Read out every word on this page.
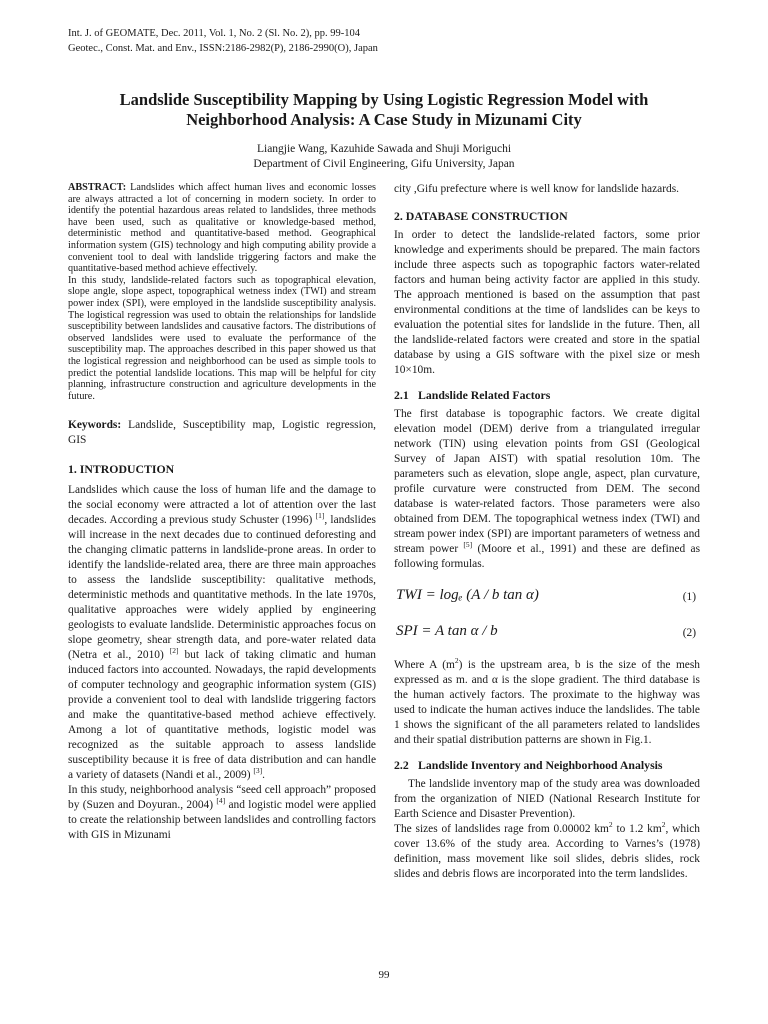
Int. J. of GEOMATE, Dec. 2011, Vol. 1, No. 2 (Sl. No. 2), pp. 99-104
Geotec., Const. Mat. and Env., ISSN:2186-2982(P), 2186-2990(O), Japan
Landslide Susceptibility Mapping by Using Logistic Regression Model with
Neighborhood Analysis: A Case Study in Mizunami City
Liangjie Wang, Kazuhide Sawada and Shuji Moriguchi
Department of Civil Engineering, Gifu University, Japan

ABSTRACT: Landslides which affect human lives and economic losses are always attracted a lot of concerning in modern society. In order to identify the potential hazardous areas related to landslides, three methods have been used, such as qualitative or knowledge-based method, deterministic method and quantitative-based method. Geographical information system (GIS) technology and high computing ability provide a convenient tool to deal with landslide triggering factors and make the quantitative-based method achieve effectively.

In this study, landslide-related factors such as topographical elevation, slope angle, slope aspect, topographical wetness index (TWI) and stream power index (SPI), were employed in the landslide susceptibility analysis. The logistical regression was used to obtain the relationships for landslide susceptibility between landslides and causative factors. The distributions of observed landslides were used to evaluate the performance of the susceptibility map. The approaches described in this paper showed us that the logistical regression and neighborhood can be used as simple tools to predict the potential landslide locations. This map will be helpful for city planning, infrastructure construction and agriculture developments in the future.

Keywords: Landslide, Susceptibility map, Logistic regression, GIS

1. INTRODUCTION

Landslides which cause the loss of human life and the damage to the social economy were attracted a lot of attention over the last decades. According a previous study Schuster (1996) [1], landslides will increase in the next decades due to continued deforesting and the changing climatic patterns in landslide-prone areas. In order to identify the landslide-related area, there are three main approaches to assess the landslide susceptibility: qualitative methods, deterministic methods and quantitative methods. In the late 1970s, qualitative approaches were widely applied by engineering geologists to evaluate landslide. Deterministic approaches focus on slope geometry, shear strength data, and pore-water related data (Netra et al., 2010) [2] but lack of taking climatic and human induced factors into accounted. Nowadays, the rapid developments of computer technology and geographic information system (GIS) provide a convenient tool to deal with landslide triggering factors and make the quantitative-based method achieve effectively. Among a lot of quantitative methods, logistic model was recognized as the suitable approach to assess landslide susceptibility because it is free of data distribution and can handle a variety of datasets (Nandi et al., 2009) [3].

In this study, neighborhood analysis “seed cell approach” proposed by (Suzen and Doyuran., 2004) [4] and logistic model were applied to create the relationship between landslides and controlling factors with GIS in Mizunami

city ,Gifu prefecture where is well know for landslide hazards.

2. DATABASE CONSTRUCTION

In order to detect the landslide-related factors, some prior knowledge and experiments should be prepared. The main factors include three aspects such as topographic factors water-related factors and human being activity factor are applied in this study. The approach mentioned is based on the assumption that past environmental conditions at the time of landslides can be keys to evaluation the potential sites for landslide in the future. Then, all the landslide-related factors were created and store in the spatial database by using a GIS software with the pixel size or mesh 10×10m.

2.1 Landslide Related Factors

The first database is topographic factors. We create digital elevation model (DEM) derive from a triangulated irregular network (TIN) using elevation points from GSI (Geological Survey of Japan AIST) with spatial resolution 10m. The parameters such as elevation, slope angle, aspect, plan curvature, profile curvature were constructed from DEM. The second database is water-related factors. Those parameters were also obtained from DEM. The topographical wetness index (TWI) and stream power index (SPI) are important parameters of wetness and stream power [5] (Moore et al., 1991) and these are defined as following formulas.

TWI = logₑ (A / b tan α)	(1)
SPI = A tan α / b	(2)

Where A $(m^2)$ is the upstream area, b is the size of the mesh expressed as m. and α is the slope gradient. The third database is the human actively factors. The proximate to the highway was used to indicate the human actives induce the landslides. The table 1 shows the significant of the all parameters related to landslides and their spatial distribution patterns are shown in Fig.1.

2.2 Landslide Inventory and Neighborhood Analysis

The landslide inventory map of the study area was downloaded from the organization of NIED (National Research Institute for Earth Science and Disaster Prevention).

The sizes of landslides rage from 0.00002 $km^2$ to 1.2 $km^2$, which cover 13.6% of the study area. According to Varnes’s (1978) definition, mass movement like soil slides, debris slides, rock slides and debris flows are incorporated into the term landslides.

99
